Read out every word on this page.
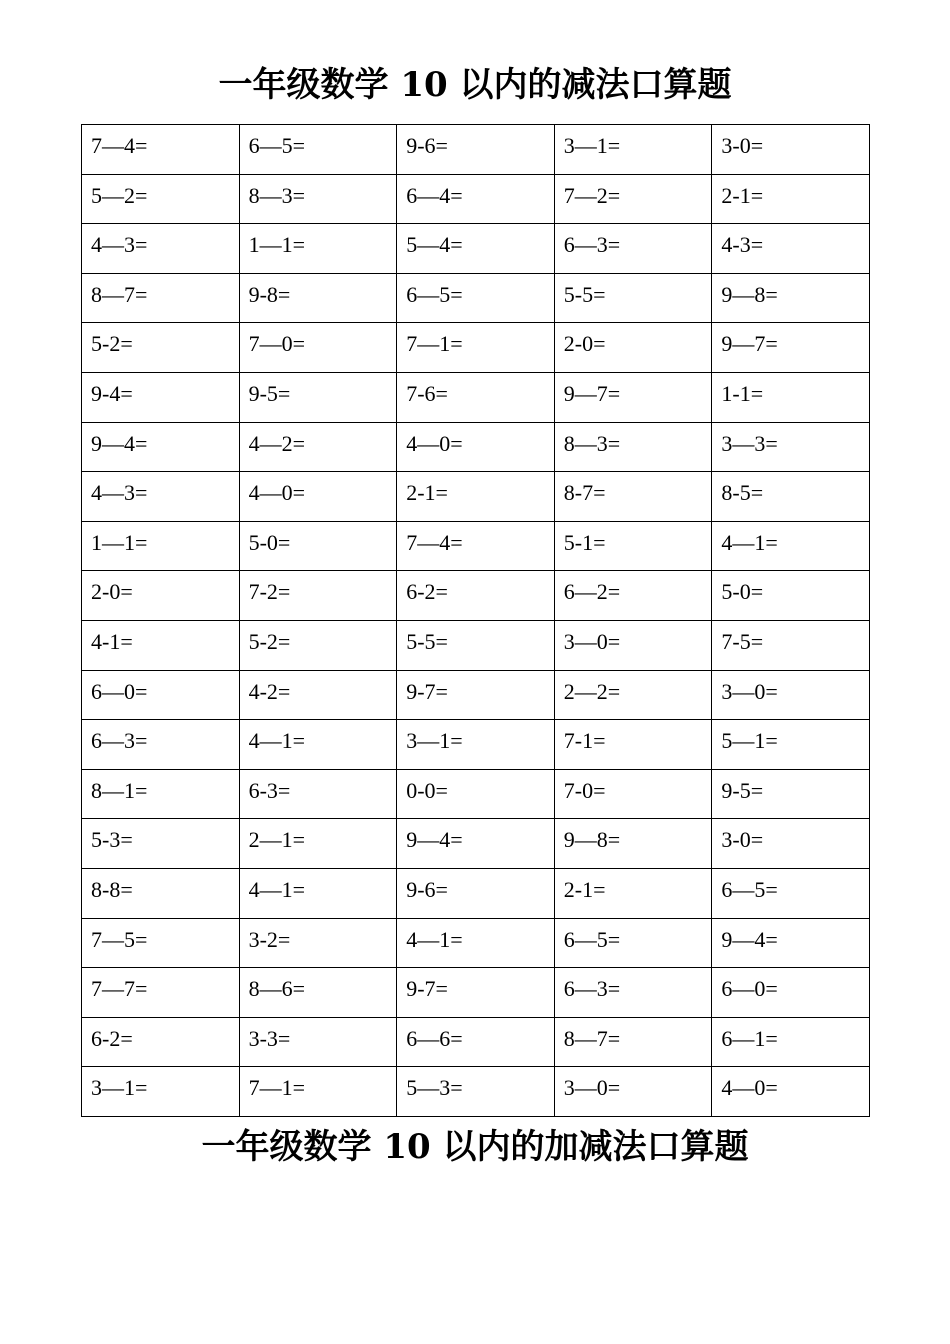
一年级数学 10 以内的减法口算题
7—4=	6—5=	9-6=	3—1=	3-0=

5—2=	8—3=	6—4=	7—2=	2-1=

4—3=	1—1=	5—4=	6—3=	4-3=

8—7=	9-8=	6—5=	5-5=	9—8=

5-2=	7—0=	7—1=	2-0=	9—7=

9-4=	9-5=	7-6=	9—7=	1-1=

9—4=	4—2=	4—0=	8—3=	3—3=

4—3=	4—0=	2-1=	8-7=	8-5=

1—1=	5-0=	7—4=	5-1=	4—1=

2-0=	7-2=	6-2=	6—2=	5-0=

4-1=	5-2=	5-5=	3—0=	7-5=

6—0=	4-2=	9-7=	2—2=	3—0=

6—3=	4—1=	3—1=	7-1=	5—1=

8—1=	6-3=	0-0=	7-0=	9-5=

5-3=	2—1=	9—4=	9—8=	3-0=

8-8=	4—1=	9-6=	2-1=	6—5=

7—5=	3-2=	4—1=	6—5=	9—4=

7—7=	8—6=	9-7=	6—3=	6—0=

6-2=	3-3=	6—6=	8—7=	6—1=

3—1=	7—1=	5—3=	3—0=	4—0=
一年级数学 10 以内的加减法口算题
